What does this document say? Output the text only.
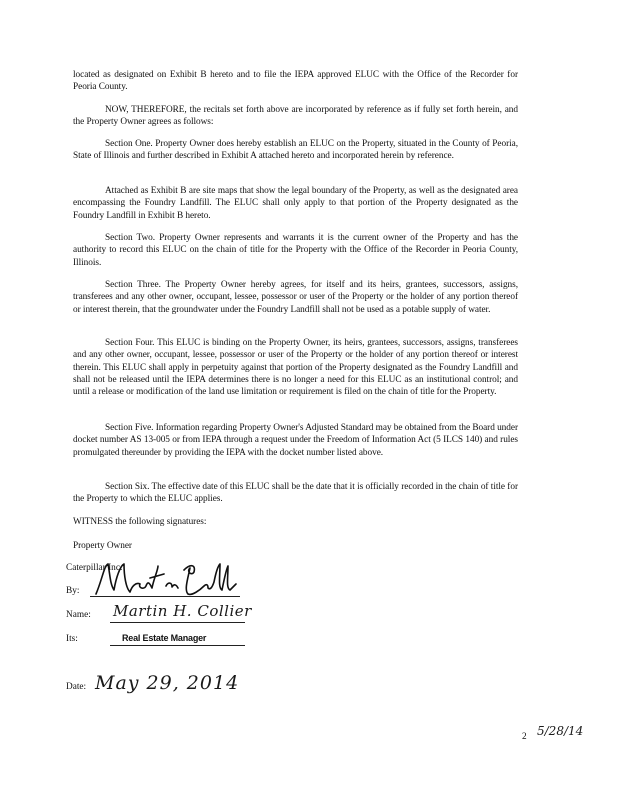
located as designated on Exhibit B hereto and to file the IEPA approved ELUC with the Office of the Recorder for Peoria County.

NOW, THEREFORE, the recitals set forth above are incorporated by reference as if fully set forth herein, and the Property Owner agrees as follows:

Section One. Property Owner does hereby establish an ELUC on the Property, situated in the County of Peoria, State of Illinois and further described in Exhibit A attached hereto and incorporated herein by reference.

Attached as Exhibit B are site maps that show the legal boundary of the Property, as well as the designated area encompassing the Foundry Landfill. The ELUC shall only apply to that portion of the Property designated as the Foundry Landfill in Exhibit B hereto.

Section Two. Property Owner represents and warrants it is the current owner of the Property and has the authority to record this ELUC on the chain of title for the Property with the Office of the Recorder in Peoria County, Illinois.

Section Three. The Property Owner hereby agrees, for itself and its heirs, grantees, successors, assigns, transferees and any other owner, occupant, lessee, possessor or user of the Property or the holder of any portion thereof or interest therein, that the groundwater under the Foundry Landfill shall not be used as a potable supply of water.

Section Four. This ELUC is binding on the Property Owner, its heirs, grantees, successors, assigns, transferees and any other owner, occupant, lessee, possessor or user of the Property or the holder of any portion thereof or interest therein. This ELUC shall apply in perpetuity against that portion of the Property designated as the Foundry Landfill and shall not be released until the IEPA determines there is no longer a need for this ELUC as an institutional control; and until a release or modification of the land use limitation or requirement is filed on the chain of title for the Property.

Section Five. Information regarding Property Owner's Adjusted Standard may be obtained from the Board under docket number AS 13-005 or from IEPA through a request under the Freedom of Information Act (5 ILCS 140) and rules promulgated thereunder by providing the IEPA with the docket number listed above.

Section Six. The effective date of this ELUC shall be the date that it is officially recorded in the chain of title for the Property to which the ELUC applies.

WITNESS the following signatures:

Property Owner

Caterpillar Inc.
By:
Name: Martin H. Collier
Its:	Real Estate Manager
Date: May 29, 2014
2 5/28/14
